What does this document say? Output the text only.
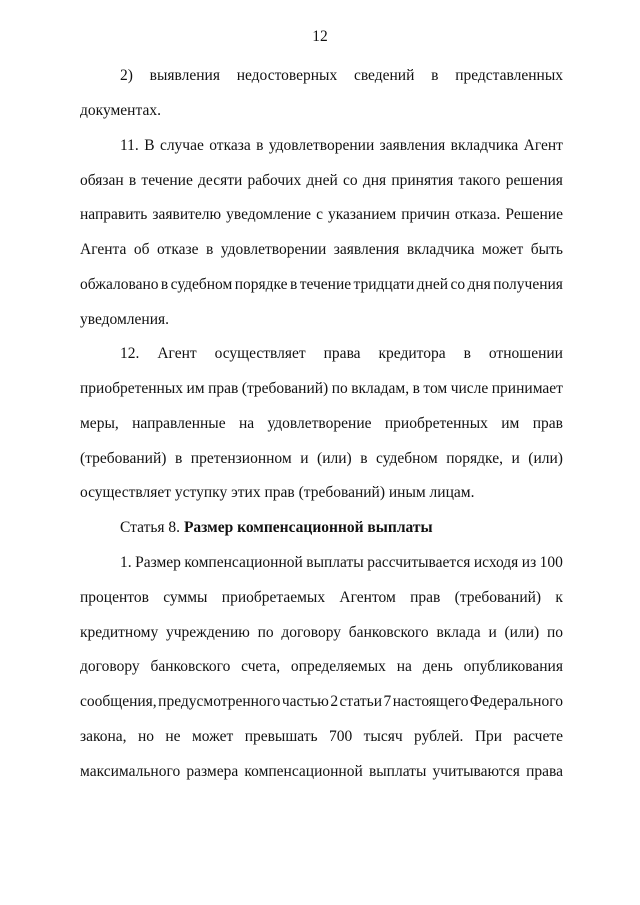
12
2) выявления недостоверных сведений в представленных
документах.
11. В случае отказа в удовлетворении заявления вкладчика Агент
обязан в течение десяти рабочих дней со дня принятия такого решения
направить заявителю уведомление с указанием причин отказа. Решение
Агента об отказе в удовлетворении заявления вкладчика может быть
обжаловано в судебном порядке в течение тридцати дней со дня получения
уведомления.
12. Агент осуществляет права кредитора в отношении
приобретенных им прав (требований) по вкладам, в том числе принимает
меры, направленные на удовлетворение приобретенных им прав
(требований) в претензионном и (или) в судебном порядке, и (или)
осуществляет уступку этих прав (требований) иным лицам.
Статья 8. Размер компенсационной выплаты
1. Размер компенсационной выплаты рассчитывается исходя из 100
процентов суммы приобретаемых Агентом прав (требований) к
кредитному учреждению по договору банковского вклада и (или) по
договору банковского счета, определяемых на день опубликования
сообщения, предусмотренного частью 2 статьи 7 настоящего Федерального
закона, но не может превышать 700 тысяч рублей. При расчете
максимального размера компенсационной выплаты учитываются права
